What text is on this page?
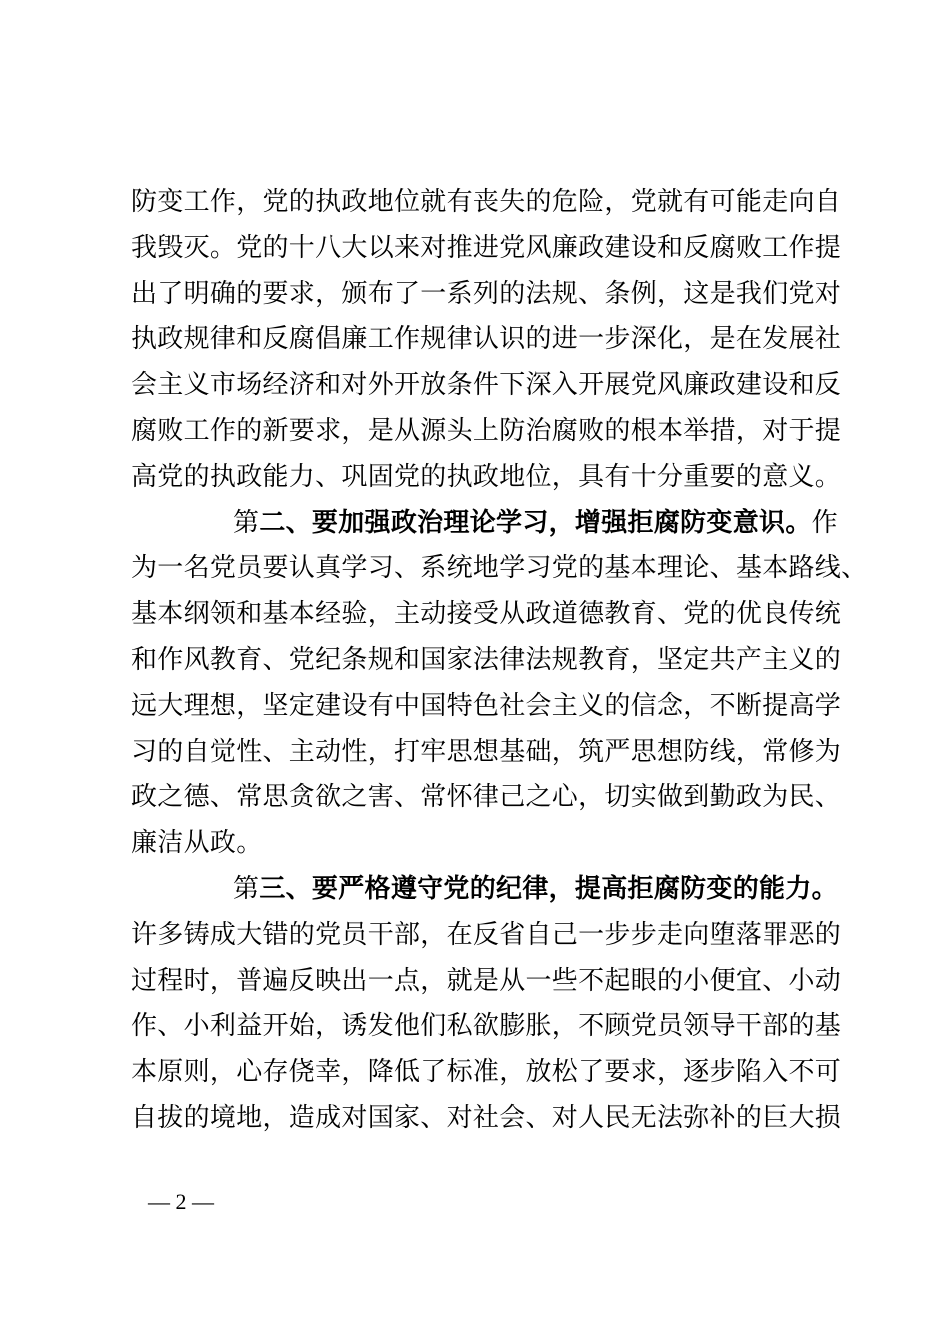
防变工作，党的执政地位就有丧失的危险，党就有可能走向自
我毁灭。党的十八大以来对推进党风廉政建设和反腐败工作提
出了明确的要求，颁布了一系列的法规、条例，这是我们党对
执政规律和反腐倡廉工作规律认识的进一步深化，是在发展社
会主义市场经济和对外开放条件下深入开展党风廉政建设和反
腐败工作的新要求，是从源头上防治腐败的根本举措，对于提
高党的执政能力、巩固党的执政地位，具有十分重要的意义。
第二、要加强政治理论学习，增强拒腐防变意识。作
为一名党员要认真学习、系统地学习党的基本理论、基本路线、
基本纲领和基本经验，主动接受从政道德教育、党的优良传统
和作风教育、党纪条规和国家法律法规教育，坚定共产主义的
远大理想，坚定建设有中国特色社会主义的信念，不断提高学
习的自觉性、主动性，打牢思想基础，筑严思想防线，常修为
政之德、常思贪欲之害、常怀律己之心，切实做到勤政为民、
廉洁从政。
第三、要严格遵守党的纪律，提高拒腐防变的能力。
许多铸成大错的党员干部，在反省自己一步步走向堕落罪恶的
过程时，普遍反映出一点，就是从一些不起眼的小便宜、小动
作、小利益开始，诱发他们私欲膨胀，不顾党员领导干部的基
本原则，心存侥幸，降低了标准，放松了要求，逐步陷入不可
自拔的境地，造成对国家、对社会、对人民无法弥补的巨大损
— 2 —
